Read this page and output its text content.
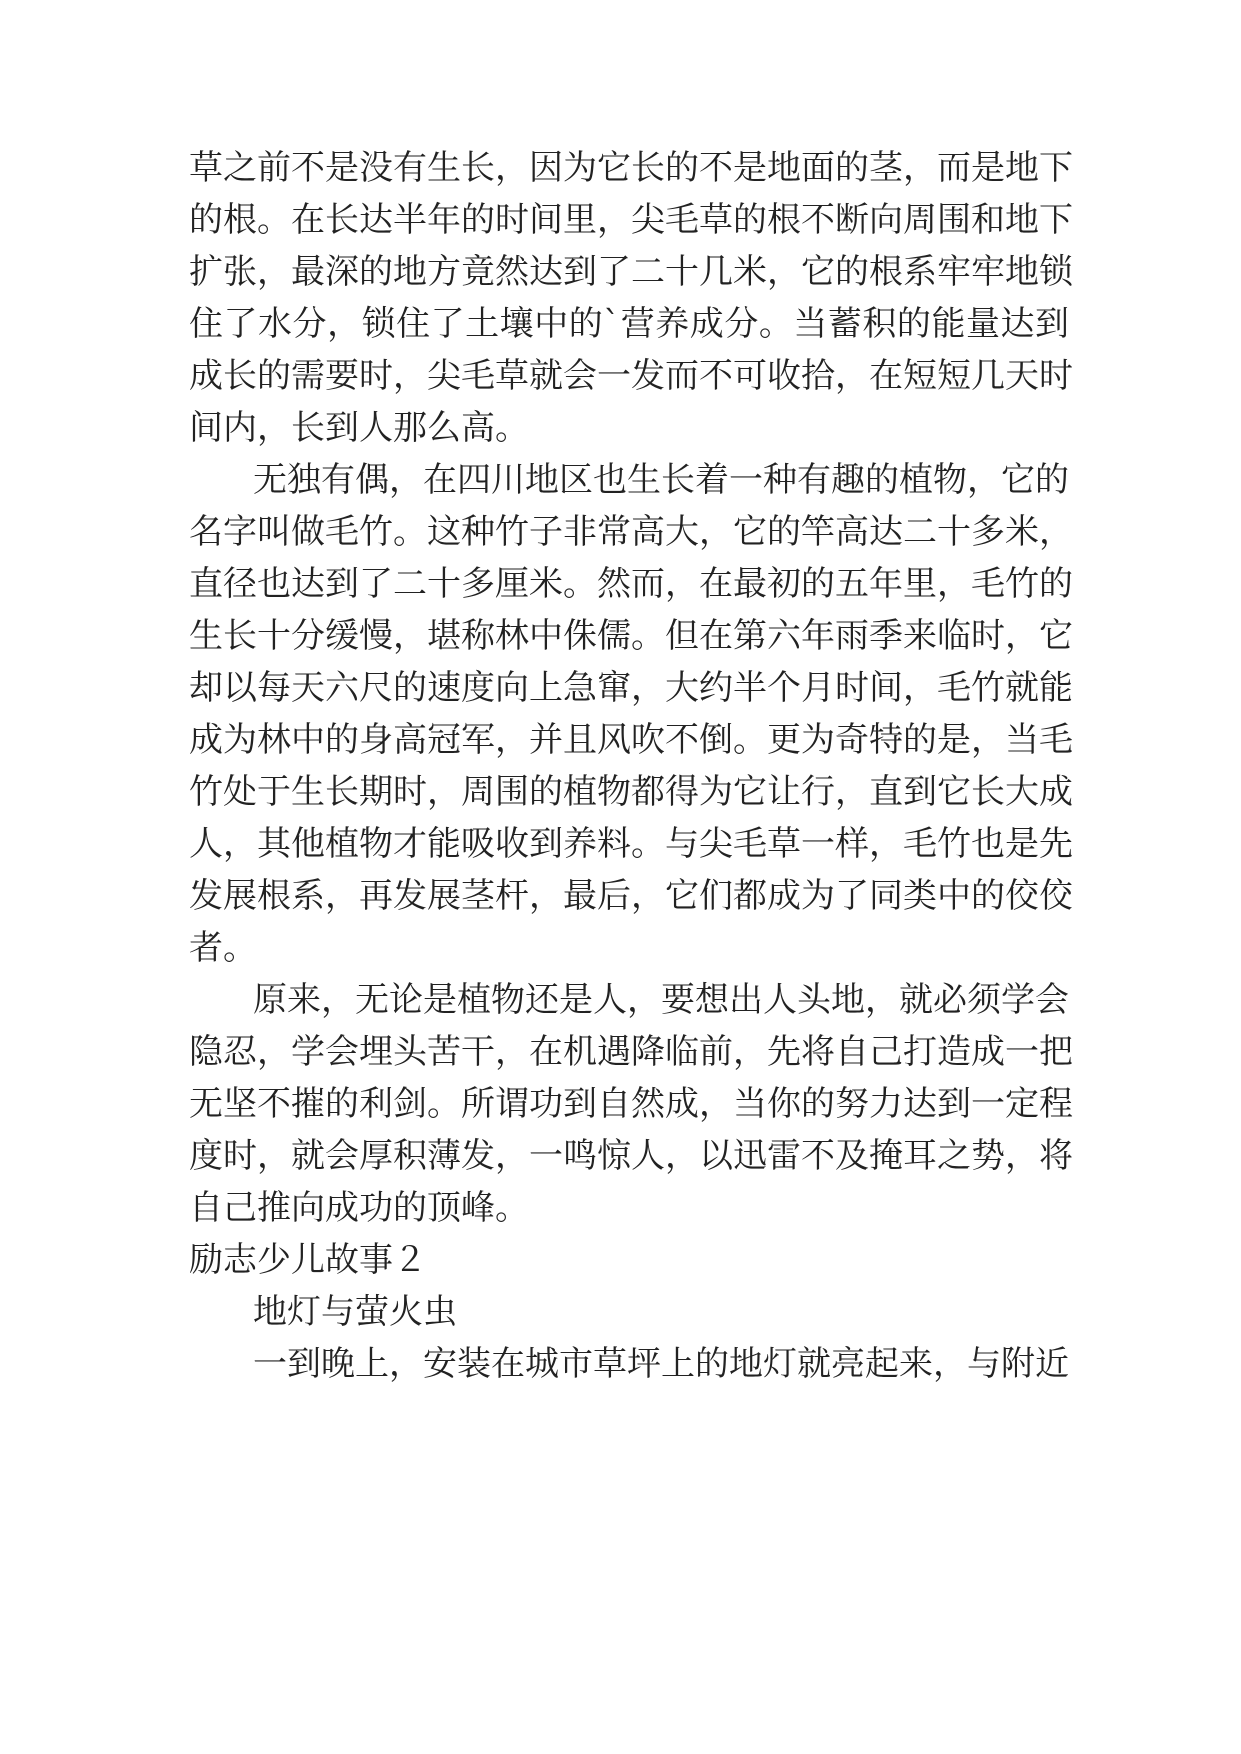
草之前不是没有生长，因为它长的不是地面的茎，而是地下
的根。在长达半年的时间里，尖毛草的根不断向周围和地下
扩张，最深的地方竟然达到了二十几米，它的根系牢牢地锁
住了水分，锁住了土壤中的`营养成分。当蓄积的能量达到
成长的需要时，尖毛草就会一发而不可收拾，在短短几天时
间内，长到人那么高。
无独有偶，在四川地区也生长着一种有趣的植物，它的
名字叫做毛竹。这种竹子非常高大，它的竿高达二十多米，
直径也达到了二十多厘米。然而，在最初的五年里，毛竹的
生长十分缓慢，堪称林中侏儒。但在第六年雨季来临时，它
却以每天六尺的速度向上急窜，大约半个月时间，毛竹就能
成为林中的身高冠军，并且风吹不倒。更为奇特的是，当毛
竹处于生长期时，周围的植物都得为它让行，直到它长大成
人，其他植物才能吸收到养料。与尖毛草一样，毛竹也是先
发展根系，再发展茎杆，最后，它们都成为了同类中的佼佼
者。
原来，无论是植物还是人，要想出人头地，就必须学会
隐忍，学会埋头苦干，在机遇降临前，先将自己打造成一把
无坚不摧的利剑。所谓功到自然成，当你的努力达到一定程
度时，就会厚积薄发，一鸣惊人，以迅雷不及掩耳之势，将
自己推向成功的顶峰。
励志少儿故事２
地灯与萤火虫
一到晚上，安装在城市草坪上的地灯就亮起来，与附近
